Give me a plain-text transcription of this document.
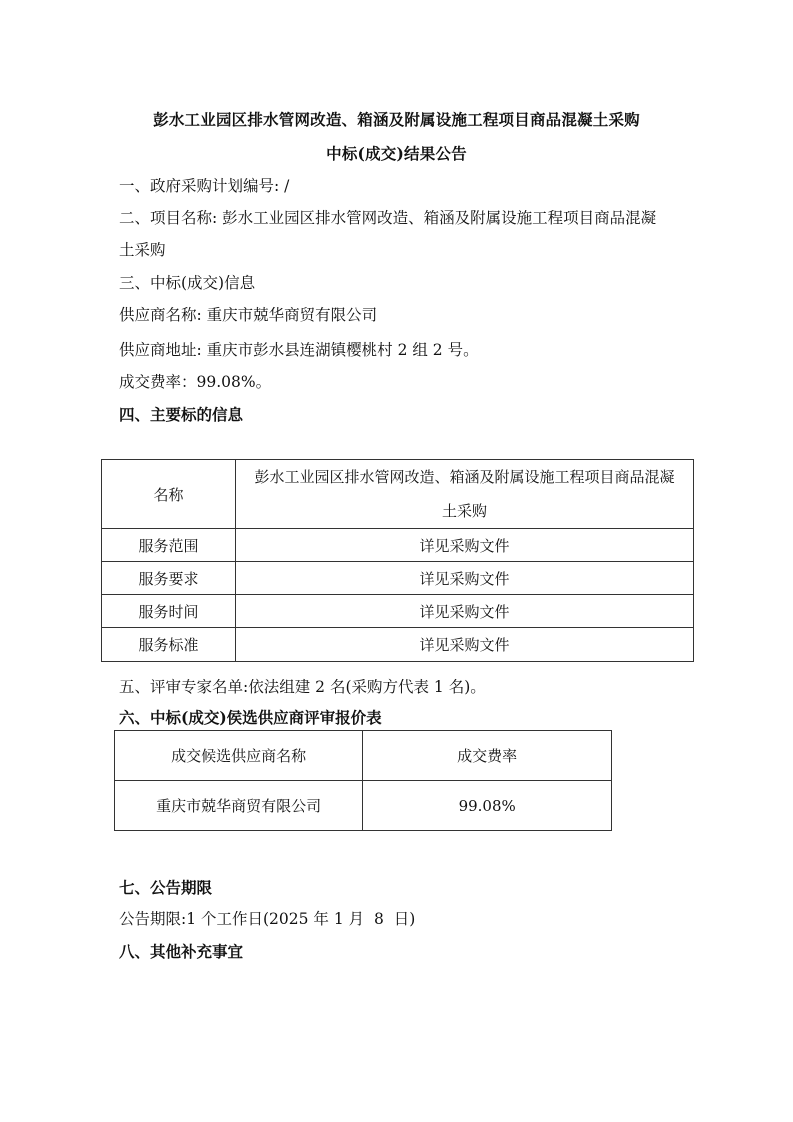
彭水工业园区排水管网改造、箱涵及附属设施工程项目商品混凝土采购
中标(成交)结果公告
一、政府采购计划编号: /
二、项目名称: 彭水工业园区排水管网改造、箱涵及附属设施工程项目商品混凝
土采购
三、中标(成交)信息
供应商名称: 重庆市兢华商贸有限公司
供应商地址: 重庆市彭水县连湖镇樱桃村 2 组 2 号。
成交费率：99.08%。
四、主要标的信息
名称	彭水工业园区排水管网改造、箱涵及附属设施工程项目商品混凝
土采购

服务范围	详见采购文件
服务要求	详见采购文件
服务时间	详见采购文件
服务标准	详见采购文件
五、评审专家名单:依法组建 2 名(采购方代表 1 名)。
六、中标(成交)侯选供应商评审报价表
成交候选供应商名称	成交费率
重庆市兢华商贸有限公司	99.08%
七、公告期限
公告期限:1 个工作日(2025 年 1 月  8  日)
八、其他补充事宜
